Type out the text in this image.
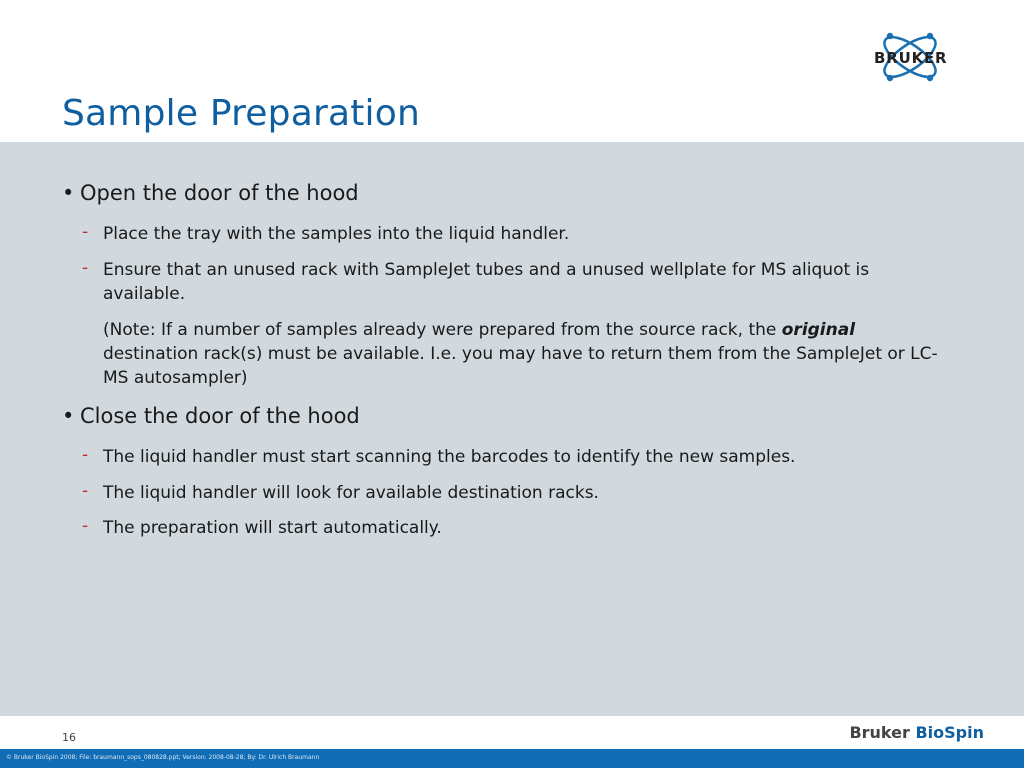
Sample Preparation
BRUKER
• Open the door of the hood
- Place the tray with the samples into the liquid handler.
- Ensure that an unused rack with SampleJet tubes and a unused wellplate for MS aliquot is available.
(Note: If a number of samples already were prepared from the source rack, the original destination rack(s) must be available. I.e. you may have to return them from the SampleJet or LC-MS autosampler)
• Close the door of the hood
- The liquid handler must start scanning the barcodes to identify the new samples.
- The liquid handler will look for available destination racks.
- The preparation will start automatically.
16	Bruker BioSpin
© Bruker BioSpin 2008; File: braumann_sops_080828.ppt; Version: 2008-08-28; By: Dr. Ulrich Braumann
